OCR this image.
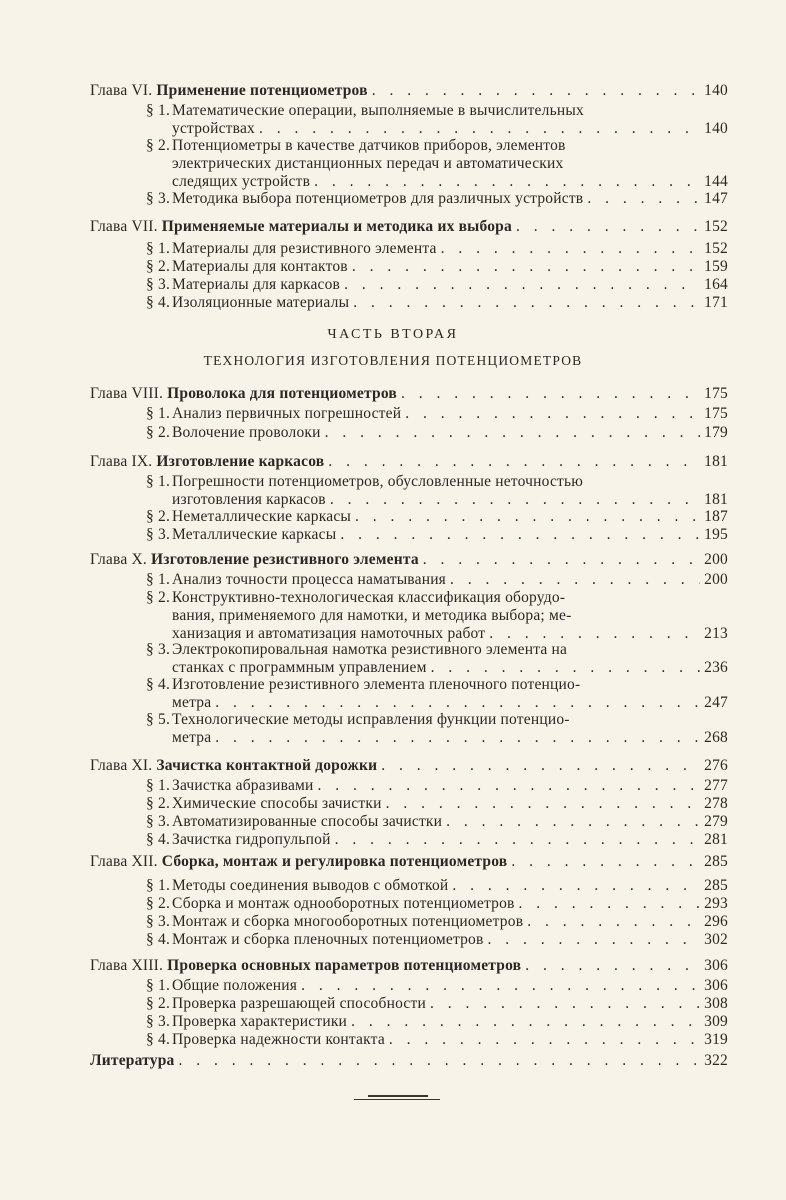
Глава VI. Применение потенциометров . . .	140
§ 1. Математические операции, выполняемые в вычислительных
устройствах . . .	140
§ 2. Потенциометры в качестве датчиков приборов, элементов
электрических дистанционных передач и автоматических
следящих устройств . . .	144
§ 3. Методика выбора потенциометров для различных устройств . . .	147
Глава VII. Применяемые материалы и методика их выбора . . .	152
§ 1. Материалы для резистивного элемента . . .	152
§ 2. Материалы для контактов . . .	159
§ 3. Материалы для каркасов . . .	164
§ 4. Изоляционные материалы . . .	171
Глава VIII. Проволока для потенциометров . . .	175
§ 1. Анализ первичных погрешностей . . .	175
§ 2. Волочение проволоки . . .	179
Глава IX. Изготовление каркасов . . .	181
§ 1. Погрешности потенциометров, обусловленные неточностью
изготовления каркасов . . .	181
§ 2. Неметаллические каркасы . . .	187
§ 3. Металлические каркасы . . .	195
Глава X. Изготовление резистивного элемента . . .	200
§ 1. Анализ точности процесса наматывания . . .	200
§ 2. Конструктивно-технологическая классификация оборудо-
вания, применяемого для намотки, и методика выбора; ме-
ханизация и автоматизация намоточных работ . . .	213
§ 3. Электрокопировальная намотка резистивного элемента на
станках с программным управлением . . .	236
§ 4. Изготовление резистивного элемента пленочного потенцио-
метра . . .	247
§ 5. Технологические методы исправления функции потенцио-
метра . . .	268
Глава XI. Зачистка контактной дорожки . . .	276
§ 1. Зачистка абразивами . . .	277
§ 2. Химические способы зачистки . . .	278
§ 3. Автоматизированные способы зачистки . . .	279
§ 4. Зачистка гидропульпой . . .	281
Глава XII. Сборка, монтаж и регулировка потенциометров . . .	285
§ 1. Методы соединения выводов с обмоткой . . .	285
§ 2. Сборка и монтаж однооборотных потенциометров . . .	293
§ 3. Монтаж и сборка многооборотных потенциометров . . .	296
§ 4. Монтаж и сборка пленочных потенциометров . . .	302
Глава XIII. Проверка основных параметров потенциометров . . .	306
§ 1. Общие положения . . .	306
§ 2. Проверка разрешающей способности . . .	308
§ 3. Проверка характеристики . . .	309
§ 4. Проверка надежности контакта . . .	319
Литература . . .	322
ЧАСТЬ ВТОРАЯ
ТЕХНОЛОГИЯ ИЗГОТОВЛЕНИЯ ПОТЕНЦИОМЕТРОВ
